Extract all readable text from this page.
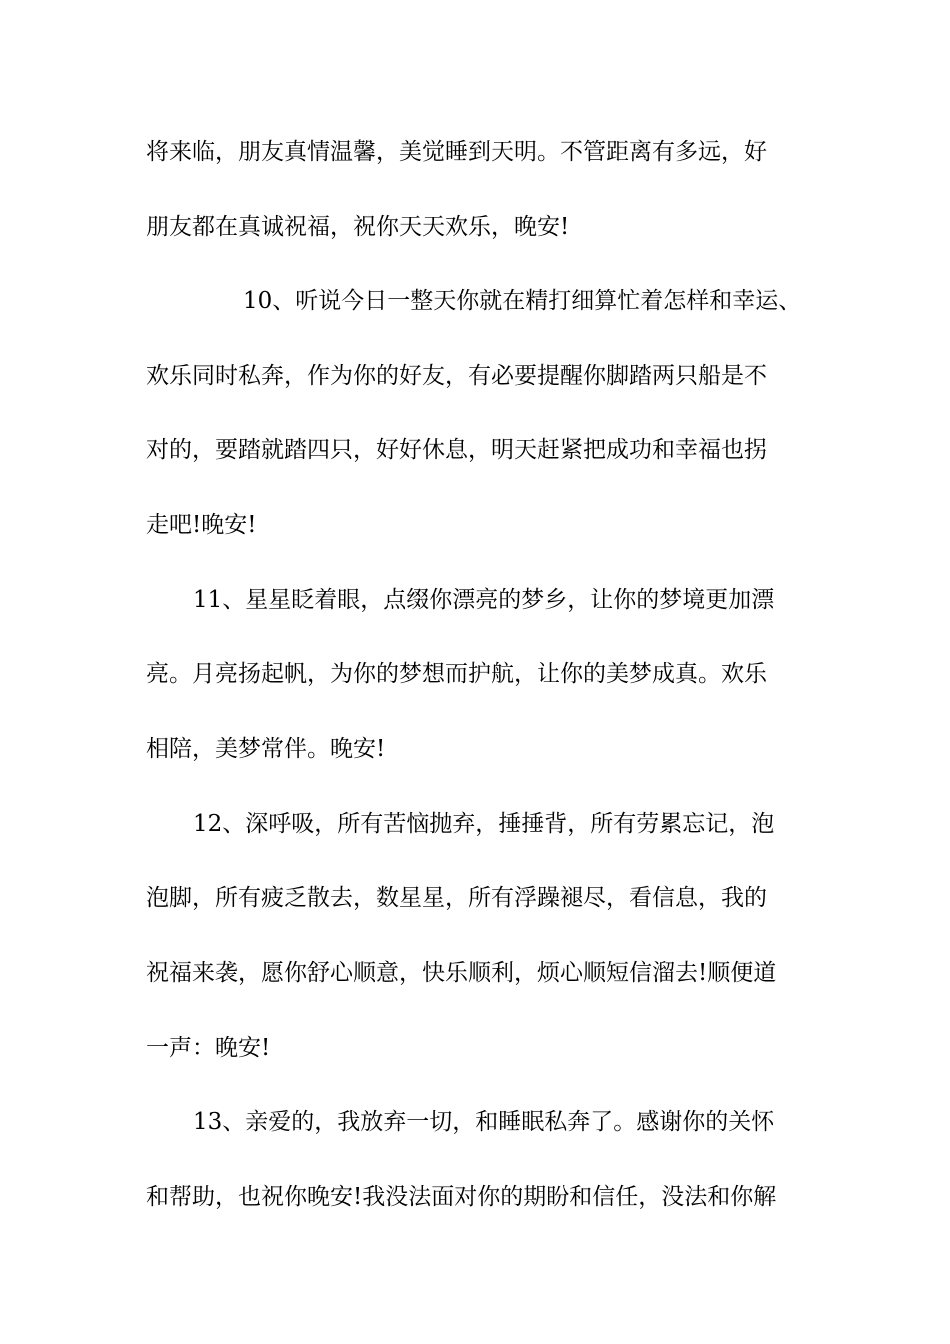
将来临，朋友真情温馨，美觉睡到天明。不管距离有多远，好

朋友都在真诚祝福，祝你天天欢乐，晚安!

10、听说今日一整天你就在精打细算忙着怎样和幸运、

欢乐同时私奔，作为你的好友，有必要提醒你脚踏两只船是不

对的，要踏就踏四只，好好休息，明天赶紧把成功和幸福也拐

走吧!晚安!

11、星星眨着眼，点缀你漂亮的梦乡，让你的梦境更加漂

亮。月亮扬起帆，为你的梦想而护航，让你的美梦成真。欢乐

相陪，美梦常伴。晚安!

12、深呼吸，所有苦恼抛弃，捶捶背，所有劳累忘记，泡

泡脚，所有疲乏散去，数星星，所有浮躁褪尽，看信息，我的

祝福来袭，愿你舒心顺意，快乐顺利，烦心顺短信溜去!顺便道

一声：晚安!

13、亲爱的，我放弃一切，和睡眠私奔了。感谢你的关怀

和帮助，也祝你晚安!我没法面对你的期盼和信任，没法和你解
